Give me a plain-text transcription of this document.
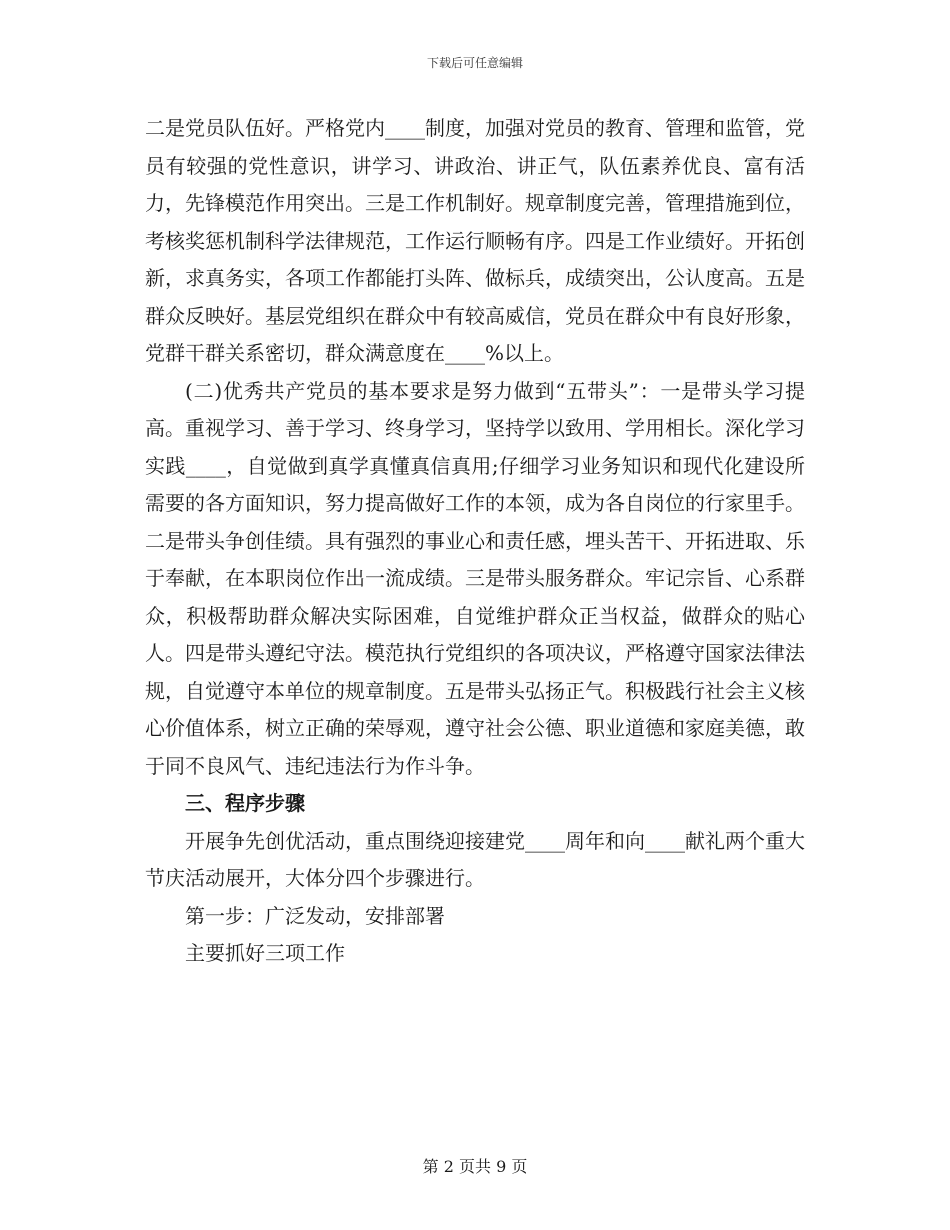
下载后可任意编辑

二是党员队伍好。严格党内____制度，加强对党员的教育、管理和监管，党员有较强的党性意识，讲学习、讲政治、讲正气，队伍素养优良、富有活力，先锋模范作用突出。三是工作机制好。规章制度完善，管理措施到位，考核奖惩机制科学法律规范，工作运行顺畅有序。四是工作业绩好。开拓创新，求真务实，各项工作都能打头阵、做标兵，成绩突出，公认度高。五是群众反映好。基层党组织在群众中有较高威信，党员在群众中有良好形象，党群干群关系密切，群众满意度在____%以上。

(二)优秀共产党员的基本要求是努力做到“五带头”：一是带头学习提高。重视学习、善于学习、终身学习，坚持学以致用、学用相长。深化学习实践____，自觉做到真学真懂真信真用;仔细学习业务知识和现代化建设所需要的各方面知识，努力提高做好工作的本领，成为各自岗位的行家里手。二是带头争创佳绩。具有强烈的事业心和责任感，埋头苦干、开拓进取、乐于奉献，在本职岗位作出一流成绩。三是带头服务群众。牢记宗旨、心系群众，积极帮助群众解决实际困难，自觉维护群众正当权益，做群众的贴心人。四是带头遵纪守法。模范执行党组织的各项决议，严格遵守国家法律法规，自觉遵守本单位的规章制度。五是带头弘扬正气。积极践行社会主义核心价值体系，树立正确的荣辱观，遵守社会公德、职业道德和家庭美德，敢于同不良风气、违纪违法行为作斗争。

三、程序步骤

开展争先创优活动，重点围绕迎接建党____周年和向____献礼两个重大节庆活动展开，大体分四个步骤进行。

第一步：广泛发动，安排部署

主要抓好三项工作

第 2 页共 9 页
